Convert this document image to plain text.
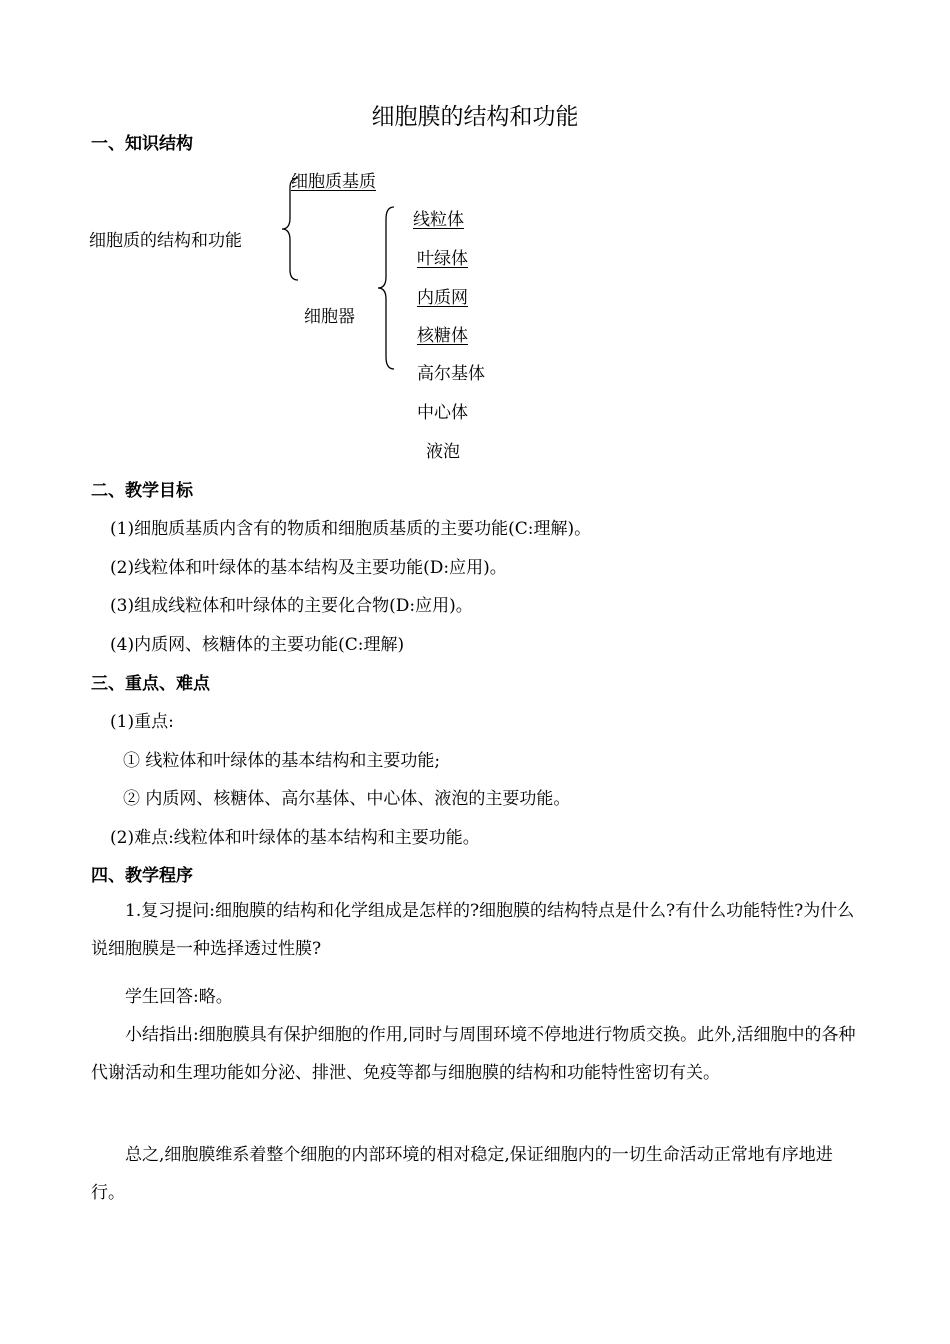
细胞膜的结构和功能
一、知识结构
细胞质的结构和功能
细胞质基质
细胞器
线粒体
叶绿体
内质网
核糖体
高尔基体
中心体
液泡
二、教学目标
(1)细胞质基质内含有的物质和细胞质基质的主要功能(C:理解)。
(2)线粒体和叶绿体的基本结构及主要功能(D:应用)。
(3)组成线粒体和叶绿体的主要化合物(D:应用)。
(4)内质网、核糖体的主要功能(C:理解)
三、重点、难点
(1)重点:
① 线粒体和叶绿体的基本结构和主要功能;
② 内质网、核糖体、高尔基体、中心体、液泡的主要功能。
(2)难点:线粒体和叶绿体的基本结构和主要功能。
四、教学程序
1.复习提问:细胞膜的结构和化学组成是怎样的?细胞膜的结构特点是什么?有什么功能特性?为什么说细胞膜是一种选择透过性膜?
学生回答:略。
小结指出:细胞膜具有保护细胞的作用,同时与周围环境不停地进行物质交换。此外,活细胞中的各种代谢活动和生理功能如分泌、排泄、免疫等都与细胞膜的结构和功能特性密切有关。
总之,细胞膜维系着整个细胞的内部环境的相对稳定,保证细胞内的一切生命活动正常地有序地进行。
